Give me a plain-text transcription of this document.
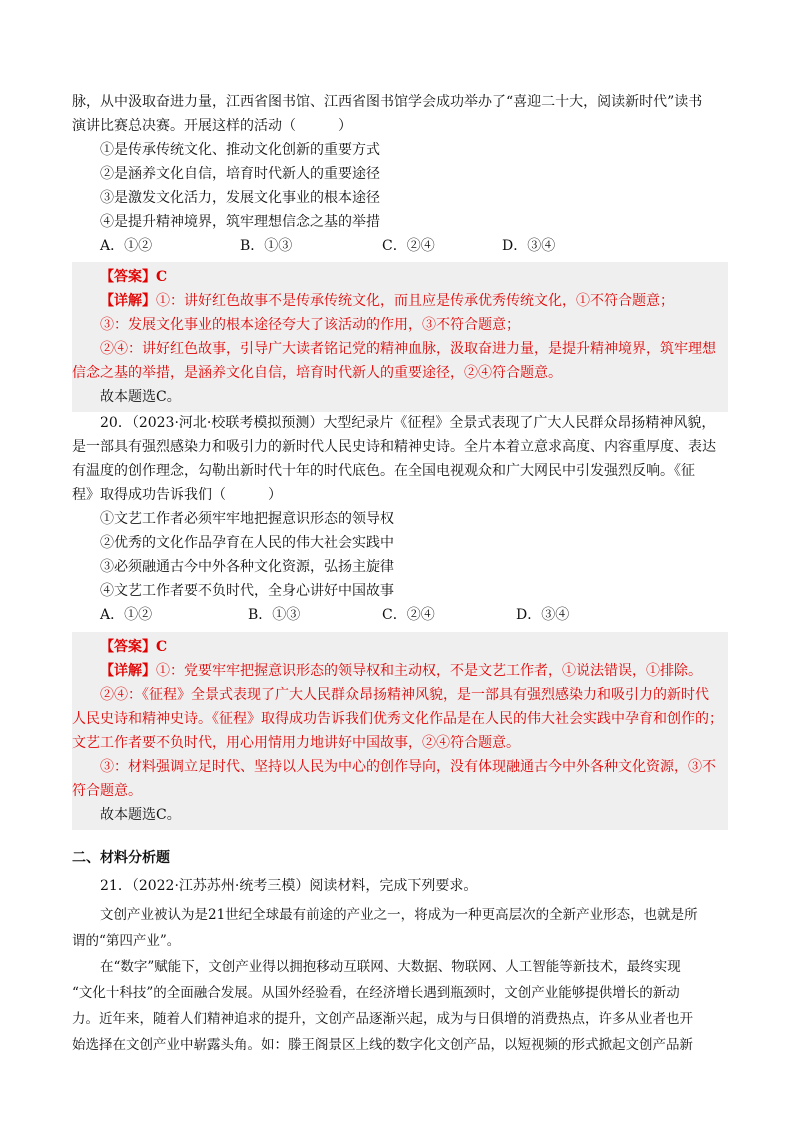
脉，从中汲取奋进力量，江西省图书馆、江西省图书馆学会成功举办了“喜迎二十大，阅读新时代”读书

演讲比赛总决赛。开展这样的活动（　　　）

①是传承传统文化、推动文化创新的重要方式

②是涵养文化自信，培育时代新人的重要途径

③是激发文化活力，发展文化事业的根本途径

④是提升精神境界，筑牢理想信念之基的举措

A．①②	B．①③	C．②④	D．③④

【答案】C

【详解】①：讲好红色故事不是传承传统文化，而且应是传承优秀传统文化，①不符合题意；

③：发展文化事业的根本途径夸大了该活动的作用，③不符合题意；

②④：讲好红色故事，引导广大读者铭记党的精神血脉，汲取奋进力量，是提升精神境界，筑牢理想

信念之基的举措，是涵养文化自信，培育时代新人的重要途径，②④符合题意。

故本题选C。

20．（2023·河北·校联考模拟预测）大型纪录片《征程》全景式表现了广大人民群众昂扬精神风貌，

是一部具有强烈感染力和吸引力的新时代人民史诗和精神史诗。全片本着立意求高度、内容重厚度、表达

有温度的创作理念，勾勒出新时代十年的时代底色。在全国电视观众和广大网民中引发强烈反响。《征

程》取得成功告诉我们（　　　）

①文艺工作者必须牢牢地把握意识形态的领导权

②优秀的文化作品孕育在人民的伟大社会实践中

③必须融通古今中外各种文化资源，弘扬主旋律

④文艺工作者要不负时代，全身心讲好中国故事

A．①②	B．①③	C．②④	D．③④

【答案】C

【详解】①：党要牢牢把握意识形态的领导权和主动权，不是文艺工作者，①说法错误，①排除。

②④：《征程》全景式表现了广大人民群众昂扬精神风貌，是一部具有强烈感染力和吸引力的新时代

人民史诗和精神史诗。《征程》取得成功告诉我们优秀文化作品是在人民的伟大社会实践中孕育和创作的；

文艺工作者要不负时代，用心用情用力地讲好中国故事，②④符合题意。

③：材料强调立足时代、坚持以人民为中心的创作导向，没有体现融通古今中外各种文化资源，③不

符合题意。

故本题选C。

二、材料分析题

21．（2022·江苏苏州·统考三模）阅读材料，完成下列要求。

文创产业被认为是21世纪全球最有前途的产业之一，将成为一种更高层次的全新产业形态，也就是所

谓的“第四产业”。

在“数字”赋能下，文创产业得以拥抱移动互联网、大数据、物联网、人工智能等新技术，最终实现

“文化十科技”的全面融合发展。从国外经验看，在经济增长遇到瓶颈时，文创产业能够提供增长的新动

力。近年来，随着人们精神追求的提升，文创产品逐渐兴起，成为与日俱增的消费热点，许多从业者也开

始选择在文创产业中崭露头角。如：滕王阁景区上线的数字化文创产品，以短视频的形式掀起文创产品新
